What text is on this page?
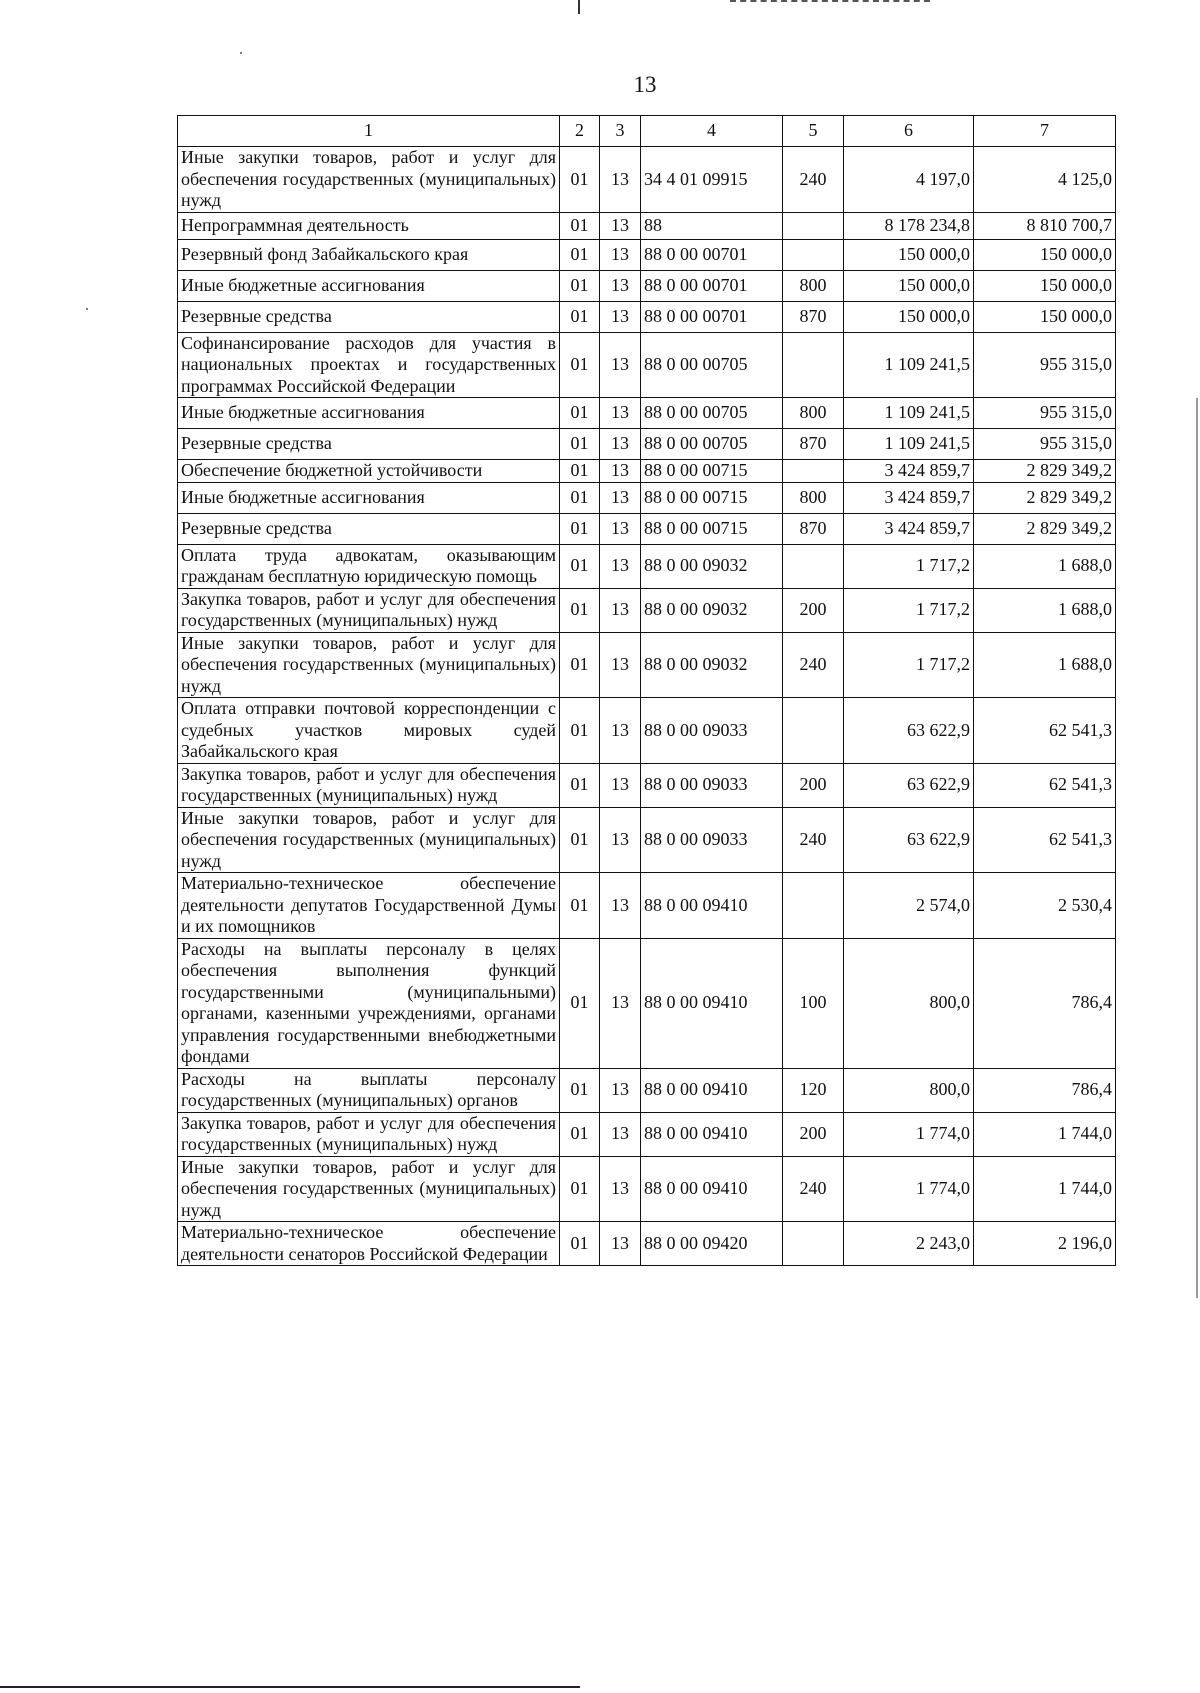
13
1	2	3	4	5	6	7
Иные закупки товаров, работ и услуг для обеспечения государственных (муниципальных) нужд	01	13	34 4 01 09915	240	4 197,0	4 125,0
Непрограммная деятельность	01	13	88		8 178 234,8	8 810 700,7
Резервный фонд Забайкальского края	01	13	88 0 00 00701		150 000,0	150 000,0
Иные бюджетные ассигнования	01	13	88 0 00 00701	800	150 000,0	150 000,0
Резервные средства	01	13	88 0 00 00701	870	150 000,0	150 000,0
Софинансирование расходов для участия в национальных проектах и государственных программах Российской Федерации	01	13	88 0 00 00705		1 109 241,5	955 315,0
Иные бюджетные ассигнования	01	13	88 0 00 00705	800	1 109 241,5	955 315,0
Резервные средства	01	13	88 0 00 00705	870	1 109 241,5	955 315,0
Обеспечение бюджетной устойчивости	01	13	88 0 00 00715		3 424 859,7	2 829 349,2
Иные бюджетные ассигнования	01	13	88 0 00 00715	800	3 424 859,7	2 829 349,2
Резервные средства	01	13	88 0 00 00715	870	3 424 859,7	2 829 349,2
Оплата труда адвокатам, оказывающим гражданам бесплатную юридическую помощь	01	13	88 0 00 09032		1 717,2	1 688,0
Закупка товаров, работ и услуг для обеспечения государственных (муниципальных) нужд	01	13	88 0 00 09032	200	1 717,2	1 688,0
Иные закупки товаров, работ и услуг для обеспечения государственных (муниципальных) нужд	01	13	88 0 00 09032	240	1 717,2	1 688,0
Оплата отправки почтовой корреспонденции с судебных участков мировых судей Забайкальского края	01	13	88 0 00 09033		63 622,9	62 541,3
Закупка товаров, работ и услуг для обеспечения государственных (муниципальных) нужд	01	13	88 0 00 09033	200	63 622,9	62 541,3
Иные закупки товаров, работ и услуг для обеспечения государственных (муниципальных) нужд	01	13	88 0 00 09033	240	63 622,9	62 541,3
Материально-техническое обеспечение деятельности депутатов Государственной Думы и их помощников	01	13	88 0 00 09410		2 574,0	2 530,4
Расходы на выплаты персоналу в целях обеспечения выполнения функций государственными (муниципальными) органами, казенными учреждениями, органами управления государственными внебюджетными фондами	01	13	88 0 00 09410	100	800,0	786,4
Расходы на выплаты персоналу государственных (муниципальных) органов	01	13	88 0 00 09410	120	800,0	786,4
Закупка товаров, работ и услуг для обеспечения государственных (муниципальных) нужд	01	13	88 0 00 09410	200	1 774,0	1 744,0
Иные закупки товаров, работ и услуг для обеспечения государственных (муниципальных) нужд	01	13	88 0 00 09410	240	1 774,0	1 744,0
Материально-техническое обеспечение деятельности сенаторов Российской Федерации	01	13	88 0 00 09420		2 243,0	2 196,0
